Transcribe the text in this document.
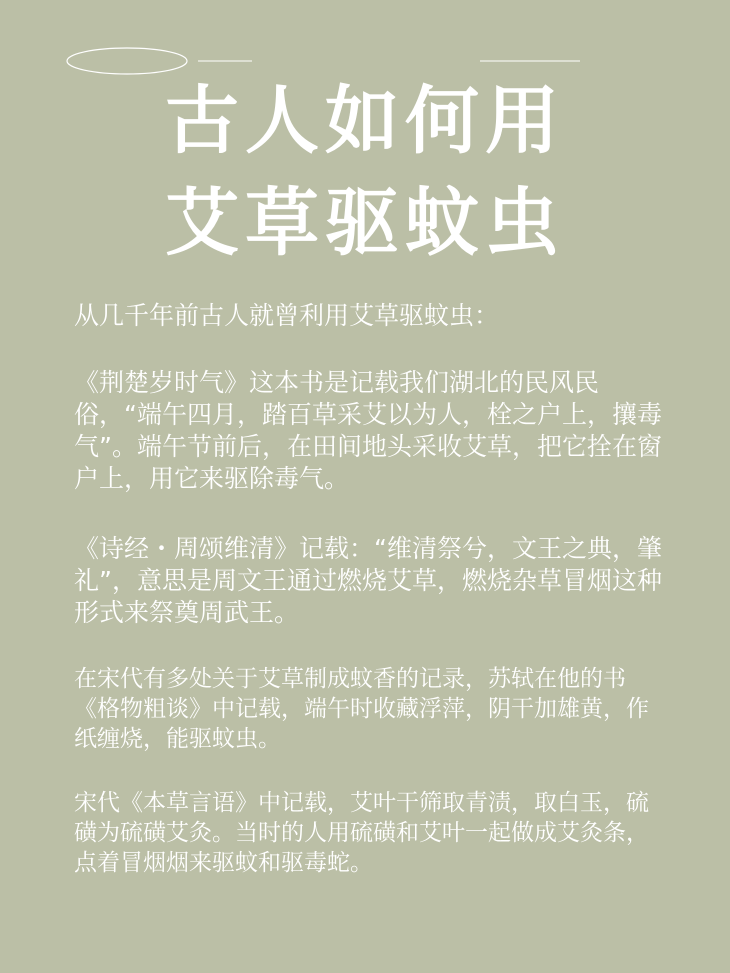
古人如何用
艾草驱蚊虫

从几千年前古人就曾利用艾草驱蚊虫：

《荆楚岁时气》这本书是记载我们湖北的民风民俗，“端午四月，踏百草采艾以为人，栓之户上，攘毒气”。端午节前后，在田间地头采收艾草，把它拴在窗户上，用它来驱除毒气。

《诗经・周颂维清》记载：“维清祭兮，文王之典，肇礼”，意思是周文王通过燃烧艾草，燃烧杂草冒烟这种形式来祭奠周武王。

在宋代有多处关于艾草制成蚊香的记录，苏轼在他的书《格物粗谈》中记载，端午时收藏浮萍，阴干加雄黄，作纸缠烧，能驱蚊虫。

宋代《本草言语》中记载，艾叶干筛取青渍，取白玉，硫磺为硫磺艾灸。当时的人用硫磺和艾叶一起做成艾灸条，点着冒烟烟来驱蚊和驱毒蛇。
